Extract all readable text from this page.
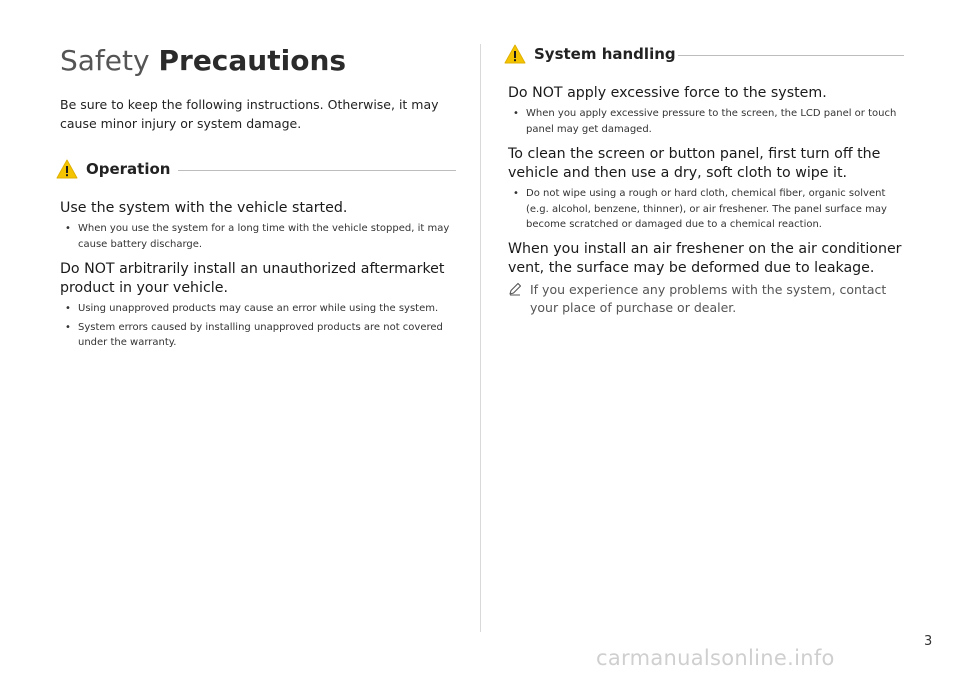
Safety Precautions
Be sure to keep the following instructions. Otherwise, it may cause minor injury or system damage.
Operation
Use the system with the vehicle started.
• When you use the system for a long time with the vehicle stopped, it may cause battery discharge.
Do NOT arbitrarily install an unauthorized aftermarket product in your vehicle.
• Using unapproved products may cause an error while using the system.
• System errors caused by installing unapproved products are not covered under the warranty.
System handling
Do NOT apply excessive force to the system.
• When you apply excessive pressure to the screen, the LCD panel or touch panel may get damaged.
To clean the screen or button panel, first turn off the vehicle and then use a dry, soft cloth to wipe it.
• Do not wipe using a rough or hard cloth, chemical fiber, organic solvent (e.g. alcohol, benzene, thinner), or air freshener. The panel surface may become scratched or damaged due to a chemical reaction.
When you install an air freshener on the air conditioner vent, the surface may be deformed due to leakage.
If you experience any problems with the system, contact your place of purchase or dealer.
3
carmanualsonline.info
